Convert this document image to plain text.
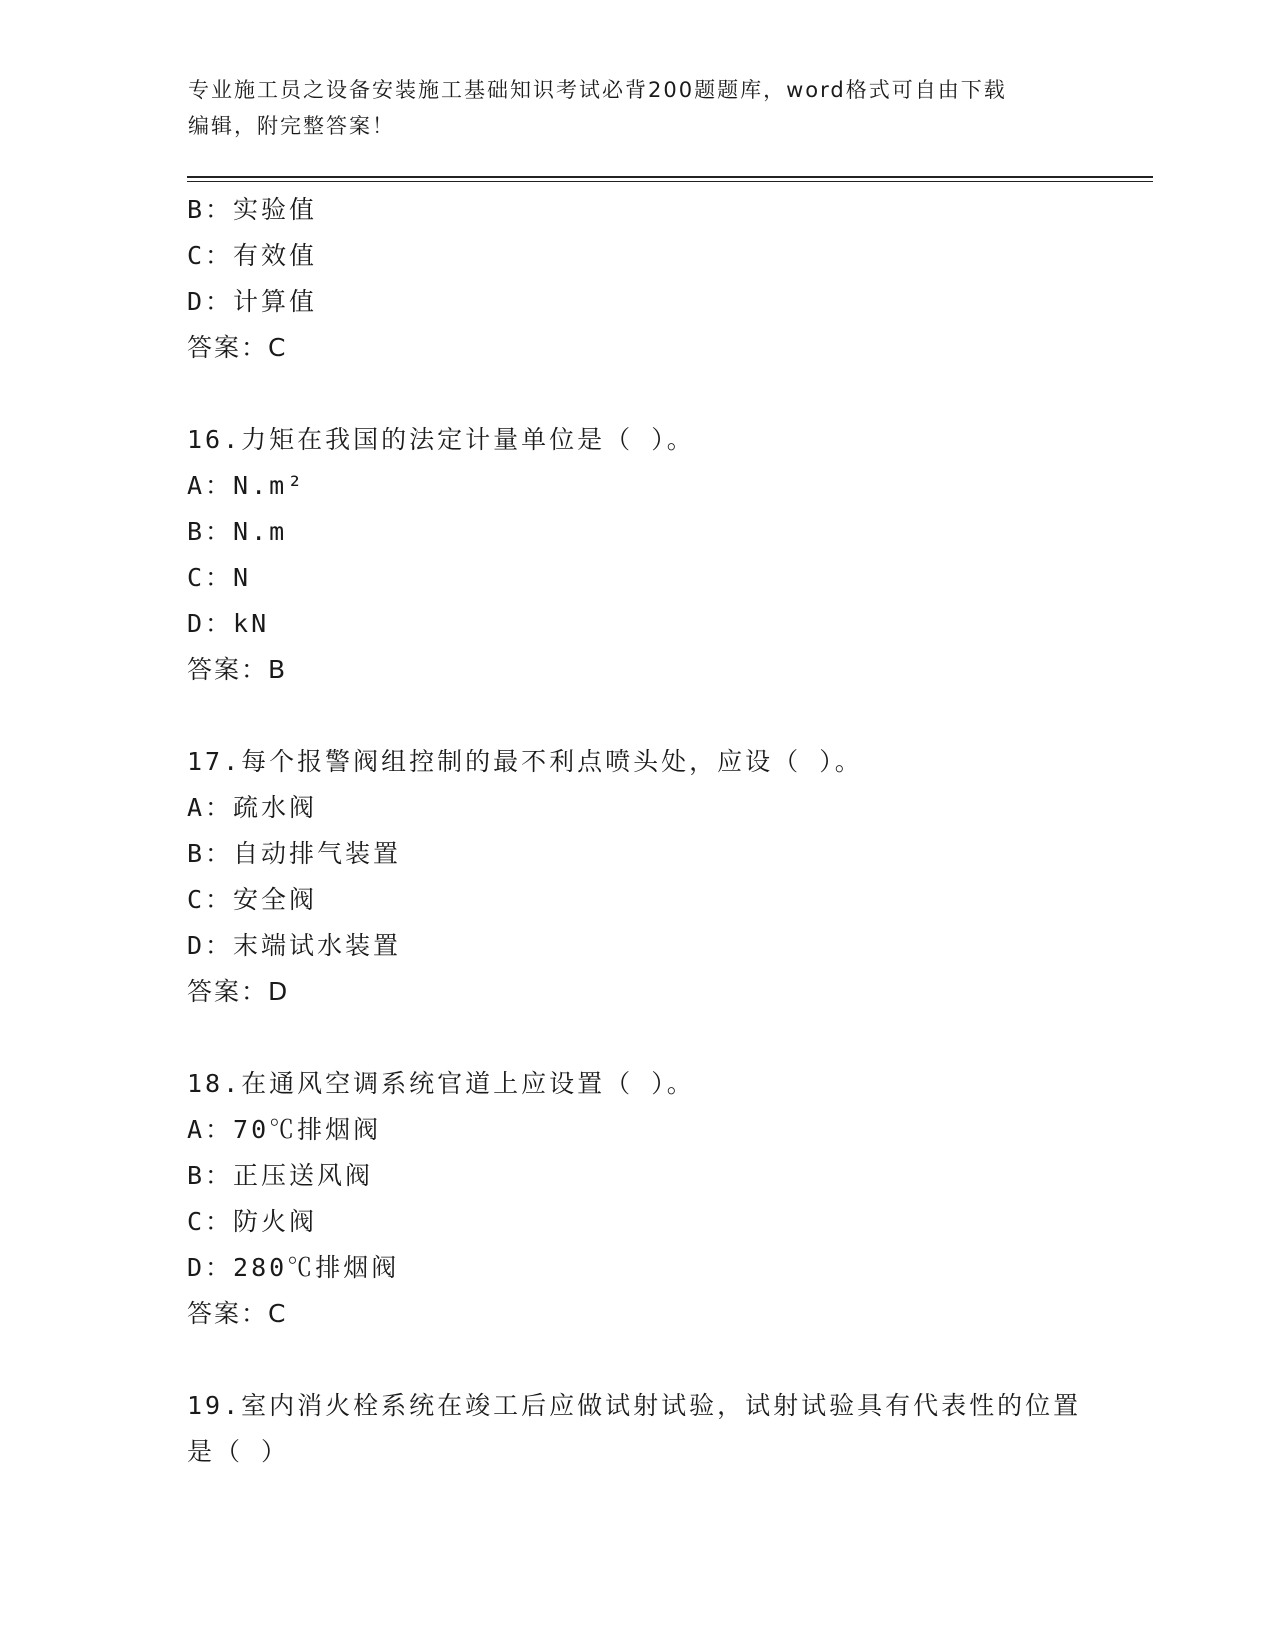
专业施工员之设备安装施工基础知识考试必背200题题库，word格式可自由下载
编辑，附完整答案！
B：实验值
C：有效值
D：计算值
答案：C
16.力矩在我国的法定计量单位是（ ）。
A：N.m²
B：N.m
C：N
D：kN
答案：B
17.每个报警阀组控制的最不利点喷头处，应设（ ）。
A：疏水阀
B：自动排气装置
C：安全阀
D：末端试水装置
答案：D
18.在通风空调系统官道上应设置（ ）。
A：70℃排烟阀
B：正压送风阀
C：防火阀
D：280℃排烟阀
答案：C
19.室内消火栓系统在竣工后应做试射试验，试射试验具有代表性的位置是（ ）
